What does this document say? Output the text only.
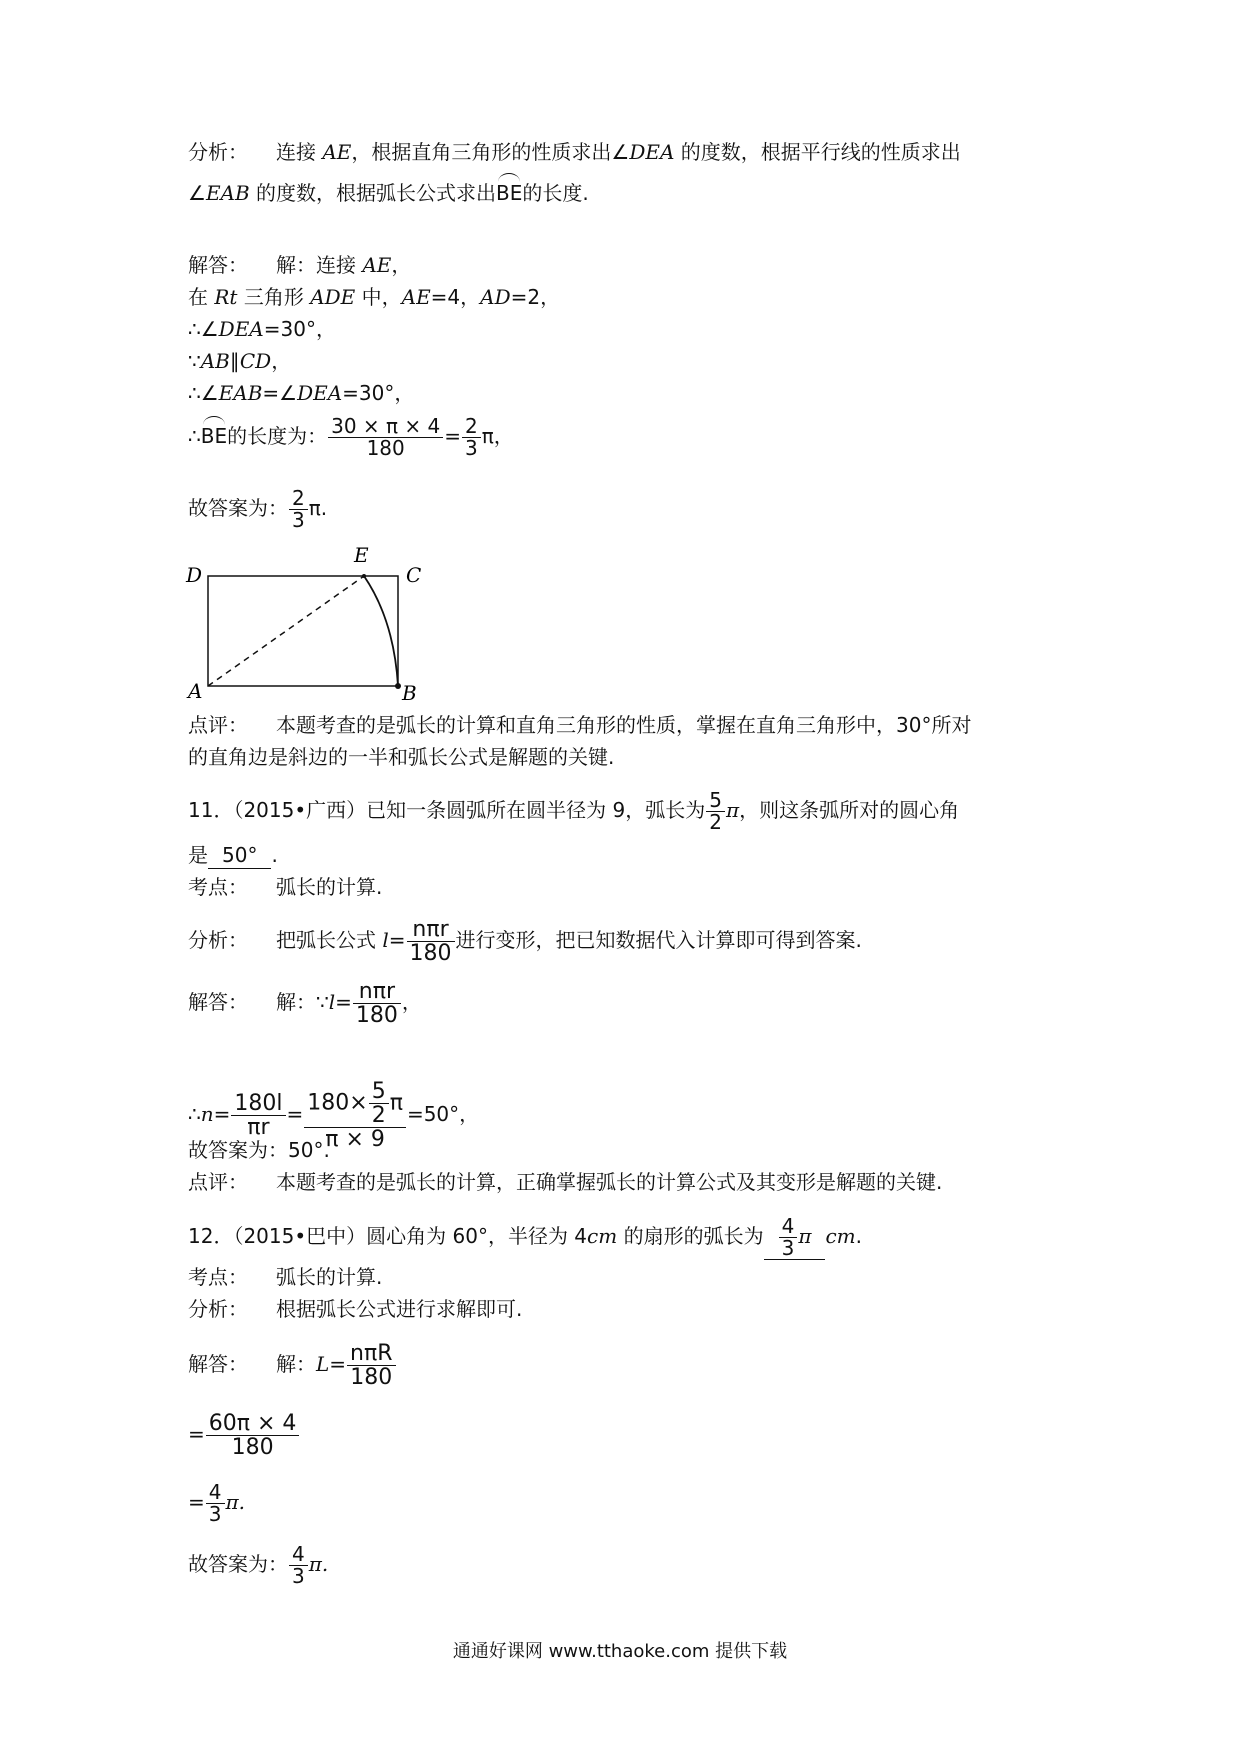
分析： 连接 AE，根据直角三角形的性质求出∠DEA 的度数，根据平行线的性质求出
∠EAB 的度数，根据弧长公式求出BE的长度.
解答： 解：连接 AE，
在 Rt 三角形 ADE 中，AE=4，AD=2，
∴∠DEA=30°，
∵AB∥CD，
∴∠EAB=∠DEA=30°，
∴BE的长度为： $\frac{30 \times \pi \times 4}{180} = \frac{2}{3}$ π，
故答案为： $\frac{2}{3} \pi$.
D	C
E
A	B
点评： 本题考查的是弧长的计算和直角三角形的性质，掌握在直角三角形中，30°所对
的直角边是斜边的一半和弧长公式是解题的关键.
11．（2015•广西）已知一条圆弧所在圆半径为 9，弧长为 $\frac{5}{2}$ π，则这条弧所对的圆心角
是 50° .
考点： 弧长的计算.
分析： 把弧长公式 $l= \frac{\text{nπr}}{180}$ 进行变形，把已知数据代入计算即可得到答案.
解答： 解：∵l= $\frac{\text{nπr}}{180}$ ，
∴n= $\frac{180l}{\pi r} = \frac{180\times \frac{5}{2} \pi}{\pi \times 9} =50^\circ$，
故答案为：50°.
点评： 本题考查的是弧长的计算，正确掌握弧长的计算公式及其变形是解题的关键.
12．（2015•巴中）圆心角为 60°，半径为 4cm 的扇形的弧长为 $\frac{4}{3}$ π cm.
考点： 弧长的计算.
分析： 根据弧长公式进行求解即可.
解答： 解：$L= \frac{\text{nπR}}{180}$
= $\frac{60\pi \times 4}{180}$
= $\frac{4}{3} \pi$.
故答案为： $\frac{4}{3} \pi$.
通通好课网 www.tthaoke.com 提供下载
